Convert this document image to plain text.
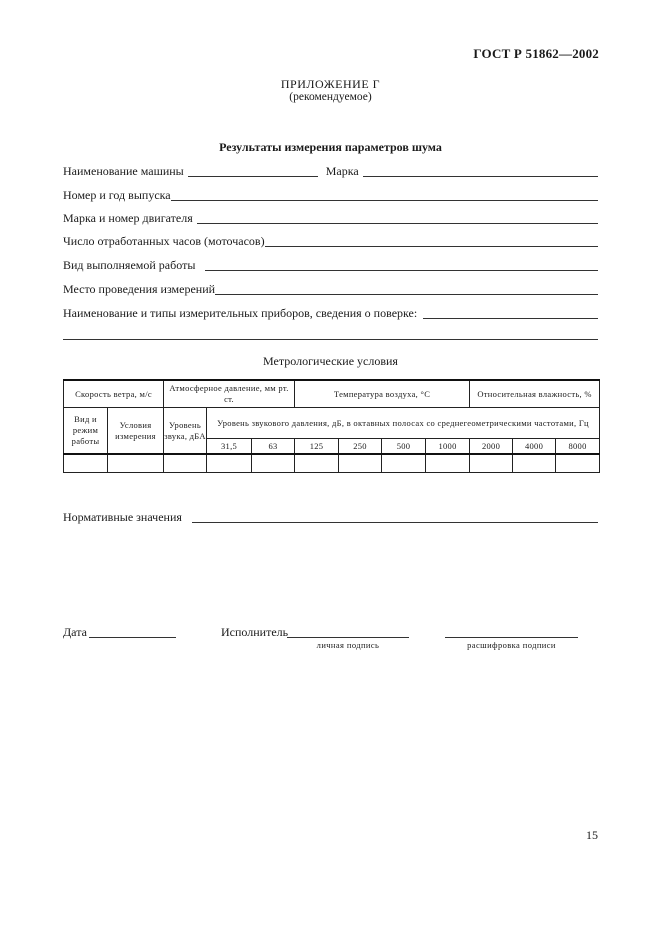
ГОСТ Р 51862—2002
ПРИЛОЖЕНИЕ Г
(рекомендуемое)
Результаты измерения параметров шума
Наименование машины	Марка
Номер и год выпуска
Марка и номер двигателя
Число отработанных часов (моточасов)
Вид выполняемой работы
Место проведения измерений
Наименование и типы измерительных приборов, сведения о поверке:
Метрологические условия
Скорость ветра, м/с		Атмосферное давление, мм рт. ст.			Температура воздуха, °С				Относительная влажность, %		
Вид и режим работы	Условия измерения	Уровень звука, дБА	Уровень звукового давления, дБ, в октавных полосах со среднегеометрическими частотами, Гц								
			31,5	63	125	250	500	1000	2000	4000	8000

Нормативные значения
Дата	Исполнитель
личная подпись	расшифровка подписи
15
